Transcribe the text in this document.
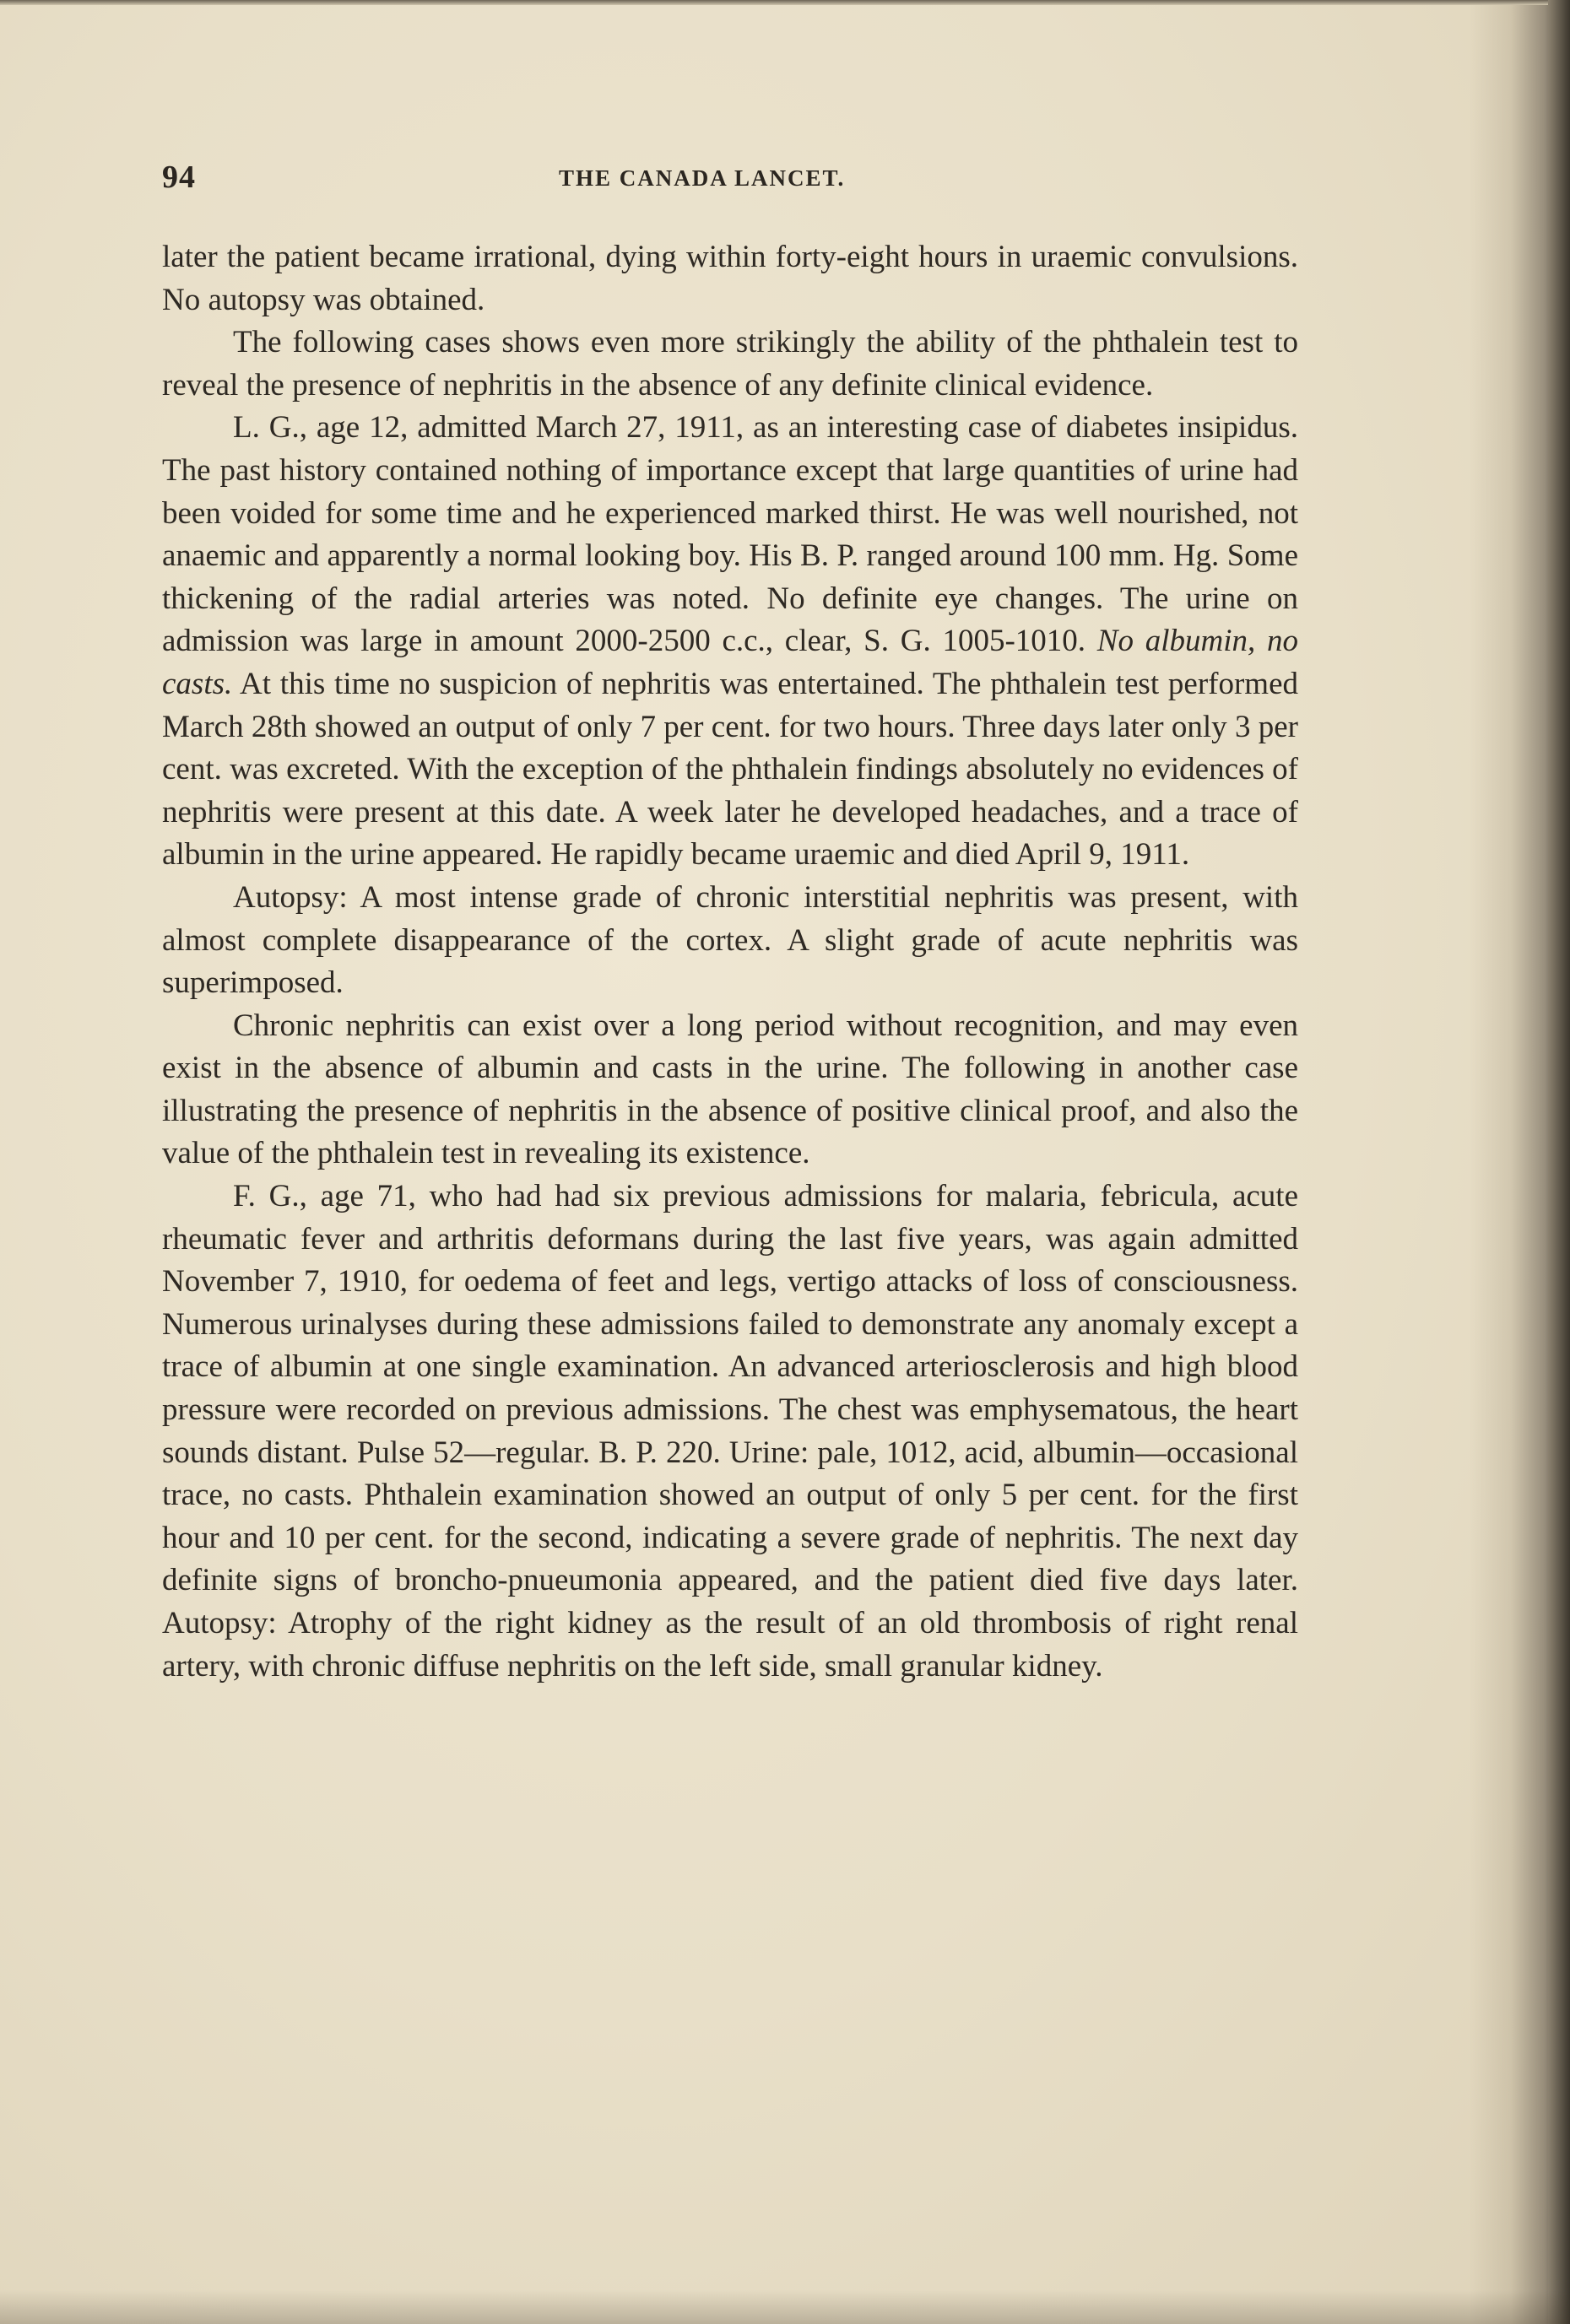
94	THE CANADA LANCET.

later the patient became irrational, dying within forty-eight hours in uraemic convulsions. No autopsy was obtained.

The following cases shows even more strikingly the ability of the phthalein test to reveal the presence of nephritis in the absence of any definite clinical evidence.

L. G., age 12, admitted March 27, 1911, as an interesting case of diabetes insipidus. The past history contained nothing of importance except that large quantities of urine had been voided for some time and he experienced marked thirst. He was well nourished, not anaemic and apparently a normal looking boy. His B. P. ranged around 100 mm. Hg. Some thickening of the radial arteries was noted. No definite eye changes. The urine on admission was large in amount 2000-2500 c.c., clear, S. G. 1005-1010. No albumin, no casts. At this time no suspicion of nephritis was entertained. The phthalein test performed March 28th showed an output of only 7 per cent. for two hours. Three days later only 3 per cent. was excreted. With the exception of the phthalein findings absolutely no evidences of nephritis were present at this date. A week later he developed headaches, and a trace of albumin in the urine appeared. He rapidly became uraemic and died April 9, 1911.

Autopsy: A most intense grade of chronic interstitial nephritis was present, with almost complete disappearance of the cortex. A slight grade of acute nephritis was superimposed.

Chronic nephritis can exist over a long period without recognition, and may even exist in the absence of albumin and casts in the urine. The following in another case illustrating the presence of nephritis in the absence of positive clinical proof, and also the value of the phthalein test in revealing its existence.

F. G., age 71, who had had six previous admissions for malaria, febricula, acute rheumatic fever and arthritis deformans during the last five years, was again admitted November 7, 1910, for oedema of feet and legs, vertigo attacks of loss of consciousness. Numerous urinalyses during these admissions failed to demonstrate any anomaly except a trace of albumin at one single examination. An advanced arteriosclerosis and high blood pressure were recorded on previous admissions. The chest was emphysematous, the heart sounds distant. Pulse 52—regular. B. P. 220. Urine: pale, 1012, acid, albumin—occasional trace, no casts. Phthalein examination showed an output of only 5 per cent. for the first hour and 10 per cent. for the second, indicating a severe grade of nephritis. The next day definite signs of broncho-pnueumonia appeared, and the patient died five days later. Autopsy: Atrophy of the right kidney as the result of an old thrombosis of right renal artery, with chronic diffuse nephritis on the left side, small granular kidney.
